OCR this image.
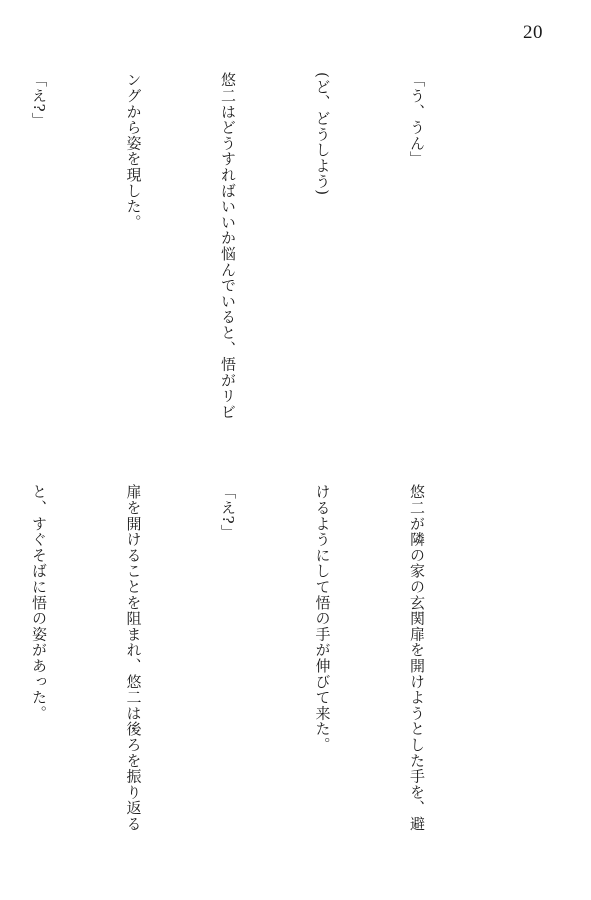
20

「う、うん」

(ど、どうしよう)

悠二はどうすればいいか悩んでいると、悟がリビ

ングから姿を現した。

「え?」

悠二が隣の家の玄関扉を開けようとした手を、避

けるようにして悟の手が伸びて来た。

「え?」

扉を開けることを阻まれ、悠二は後ろを振り返る

と、すぐそばに悟の姿があった。
